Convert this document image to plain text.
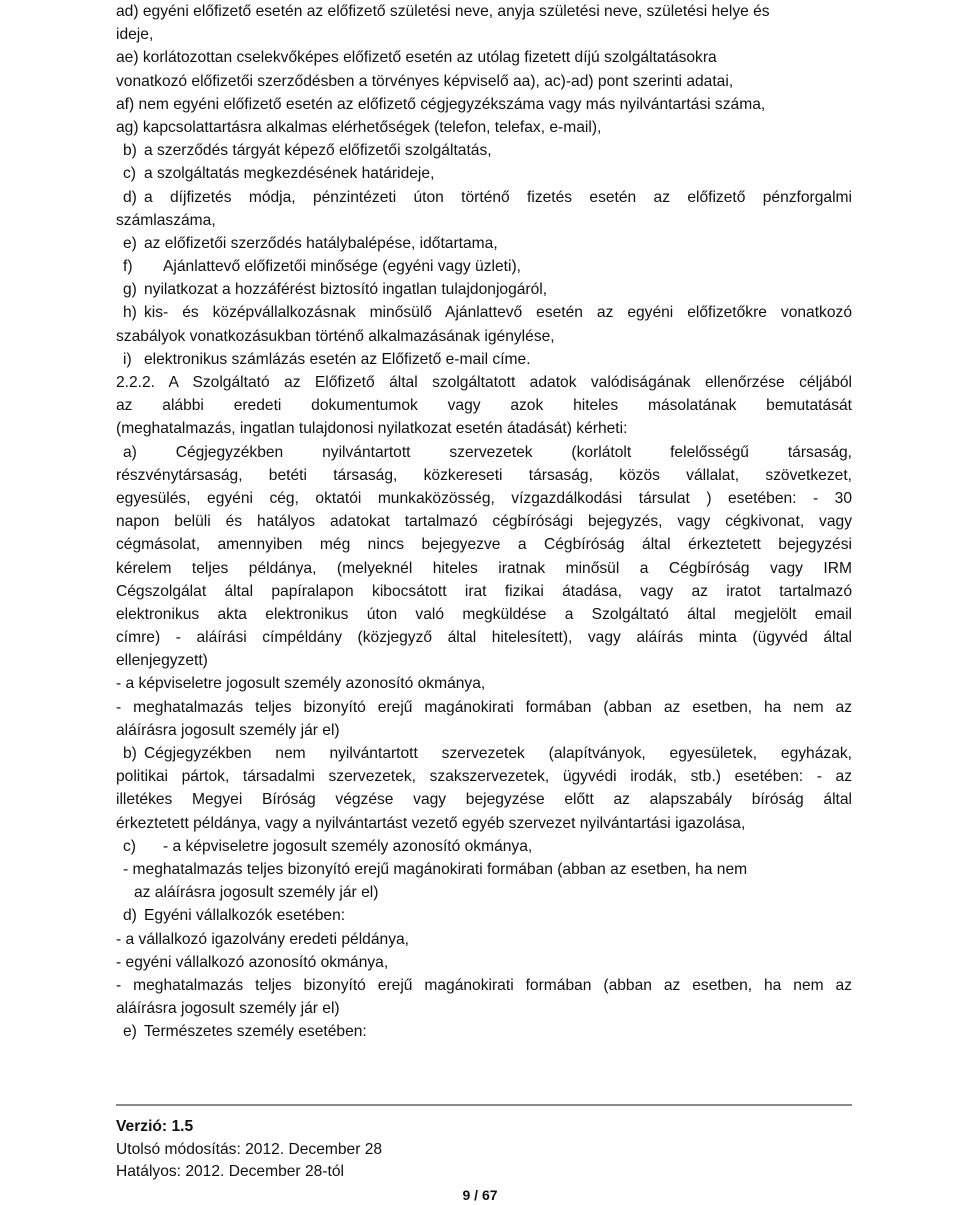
ad) egyéni előfizető esetén az előfizető születési neve, anyja születési neve, születési helye és
ideje,
ae) korlátozottan cselekvőképes előfizető esetén az utólag fizetett díjú szolgáltatásokra
vonatkozó előfizetői szerződésben a törvényes képviselő aa), ac)-ad) pont szerinti adatai,
af) nem egyéni előfizető esetén az előfizető cégjegyzékszáma vagy más nyilvántartási száma,
ag) kapcsolattartásra alkalmas elérhetőségek (telefon, telefax, e-mail),
b) a szerződés tárgyát képező előfizetői szolgáltatás,
c) a szolgáltatás megkezdésének határideje,
d) a díjfizetés módja, pénzintézeti úton történő fizetés esetén az előfizető pénzforgalmi
számlaszáma,
e) az előfizetői szerződés hatálybalépése, időtartama,
f) Ajánlattevő előfizetői minősége (egyéni vagy üzleti),
g) nyilatkozat a hozzáférést biztosító ingatlan tulajdonjogáról,
h) kis- és középvállalkozásnak minősülő Ajánlattevő esetén az egyéni előfizetőkre vonatkozó
szabályok vonatkozásukban történő alkalmazásának igénylése,
i) elektronikus számlázás esetén az Előfizető e-mail címe.
2.2.2. A Szolgáltató az Előfizető által szolgáltatott adatok valódiságának ellenőrzése céljából
az alábbi eredeti dokumentumok vagy azok hiteles másolatának bemutatását
(meghatalmazás, ingatlan tulajdonosi nyilatkozat esetén átadását) kérheti:
a) Cégjegyzékben nyilvántartott szervezetek (korlátolt felelősségű társaság,
részvénytársaság, betéti társaság, közkereseti társaság, közös vállalat, szövetkezet,
egyesülés, egyéni cég, oktatói munkaközösség, vízgazdálkodási társulat ) esetében: - 30
napon belüli és hatályos adatokat tartalmazó cégbírósági bejegyzés, vagy cégkivonat, vagy
cégmásolat, amennyiben még nincs bejegyezve a Cégbíróság által érkeztetett bejegyzési
kérelem teljes példánya, (melyeknél hiteles iratnak minősül a Cégbíróság vagy IRM
Cégszolgálat által papíralapon kibocsátott irat fizikai átadása, vagy az iratot tartalmazó
elektronikus akta elektronikus úton való megküldése a Szolgáltató által megjelölt email
címre) - aláírási címpéldány (közjegyző által hitelesített), vagy aláírás minta (ügyvéd által
ellenjegyzett)
- a képviseletre jogosult személy azonosító okmánya,
- meghatalmazás teljes bizonyító erejű magánokirati formában (abban az esetben, ha nem az
aláírásra jogosult személy jár el)
b) Cégjegyzékben nem nyilvántartott szervezetek (alapítványok, egyesületek, egyházak,
politikai pártok, társadalmi szervezetek, szakszervezetek, ügyvédi irodák, stb.) esetében: - az
illetékes Megyei Bíróság végzése vagy bejegyzése előtt az alapszabály bíróság által
érkeztetett példánya, vagy a nyilvántartást vezető egyéb szervezet nyilvántartási igazolása,
c) - a képviseletre jogosult személy azonosító okmánya,
- meghatalmazás teljes bizonyító erejű magánokirati formában (abban az esetben, ha nem
az aláírásra jogosult személy jár el)
d) Egyéni vállalkozók esetében:
- a vállalkozó igazolvány eredeti példánya,
- egyéni vállalkozó azonosító okmánya,
- meghatalmazás teljes bizonyító erejű magánokirati formában (abban az esetben, ha nem az
aláírásra jogosult személy jár el)
e) Természetes személy esetében:
Verzió: 1.5
Utolsó módosítás: 2012. December 28
Hatályos: 2012. December 28-tól
9 / 67
